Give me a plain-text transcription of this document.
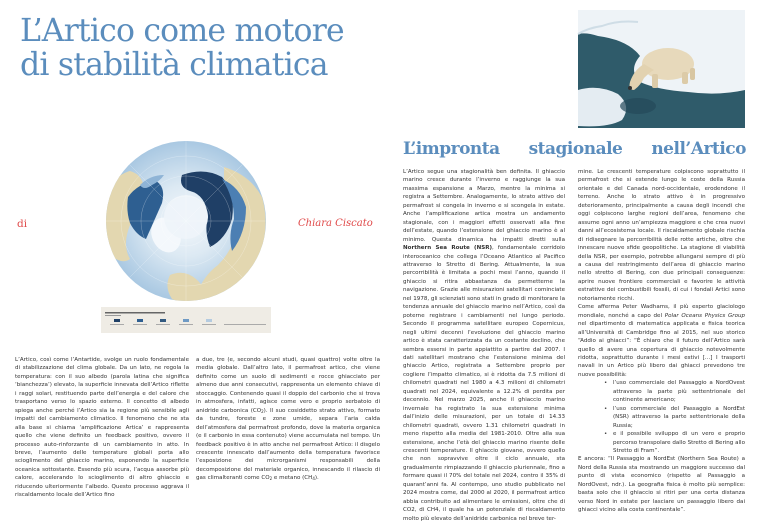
L’Artico come motore
di stabilità climatica
di	Chiara Ciscato
L’impronta stagionale nell’Artico

L’Artico, così come l’Antartide, svolge un ruolo fondamentale di stabilizzazione del clima globale. Da un lato, ne regola la temperatura: con il suo albedo (parola latina che significa ‘bianchezza’) elevato, la superficie innevata dell’Artico riflette i raggi solari, restituendo parte dell’energia e del calore che trasportano verso lo spazio esterno. Il concetto di albedo spiega anche perché l’Artico sia la regione più sensibile agli impatti del cambiamento climatico. Il fenomeno che ne sta alla base si chiama ‘amplificazione Artica’ e rappresenta quello che viene definito un feedback positivo, ovvero il processo auto-rinforzante di un cambiamento in atto. In breve, l’aumento delle temperature globali porta allo scioglimento del ghiaccio marino, esponendo la superficie oceanica sottostante. Essendo più scura, l’acqua assorbe più calore, accelerando lo scioglimento di altro ghiaccio e riducendo ulteriormente l’albedo. Questo processo aggrava il riscaldamento locale dell’Artico fino

a due, tre (e, secondo alcuni studi, quasi quattro) volte oltre la media globale. Dall’altro lato, il permafrost artico, che viene definito come un suolo di sedimenti e rocce ghiacciato per almeno due anni consecutivi, rappresenta un elemento chiave di stoccaggio. Contenendo quasi il doppio del carbonio che si trova in atmosfera, infatti, agisce come vero e proprio serbatoio di anidride carbonica $(CO_2)$. Il suo cosiddetto strato attivo, formato da tundre, foreste e zone umide, separa l’aria calda dell’atmosfera dal permafrost profondo, dove la materia organica (e il carbonio in essa contenuto) viene accumulata nel tempo. Un feedback positivo è in atto anche nel permafrost Artico: il disgelo crescente innescato dall’aumento della temperatura favorisce l’esposizione dei microrganismi responsabili della decomposizione del materiale organico, innescando il rilascio di gas climalteranti come $CO_2$ e metano $(CH_4)$.

L’Artico segue una stagionalità ben definita. Il ghiaccio marino cresce durante l’inverno e raggiunge la sua massima espansione a Marzo, mentre la minima si registra a Settembre. Analogamente, lo strato attivo del permafrost si congela in inverno e si scongela in estate. Anche l’amplificazione artica mostra un andamento stagionale, con i maggiori effetti osservati alla fine dell’estate, quando l’estensione del ghiaccio marino è al minimo. Questa dinamica ha impatti diretti sulla Northern Sea Route (NSR), fondamentale corridoio interoceanico che collega l’Oceano Atlantico al Pacifico attraverso lo Stretto di Bering. Attualmente, la sua percorribilità è limitata a pochi mesi l’anno, quando il ghiaccio si ritira abbastanza da permetterne la navigazione. Grazie alle misurazioni satellitari cominciate nel 1978, gli scienziati sono stati in grado di monitorare la tendenza annuale del ghiaccio marino nell’Artico, così da poterne registrare i cambiamenti nel lungo periodo. Secondo il programma satellitare europeo Copernicus, negli ultimi decenni l’evoluzione del ghiaccio marino artico è stata caratterizzata da un costante declino, che sembra essersi in parte appiattito a partire dal 2007. I dati satellitari mostrano che l’estensione minima del ghiaccio Artico, registrata a Settembre proprio per cogliere l’impatto climatico, si è ridotta da 7.5 milioni di chilometri quadrati nel 1980 a 4.3 milioni di chilometri quadrati nel 2024, equivalente a 12.2% di perdita per decennio. Nel marzo 2025, anche il ghiaccio marino invernale ha registrato la sua estensione minima dall’inizio delle misurazioni, per un totale di 14.33 chilometri quadrati, ovvero 1.31 chilometri quadrati in meno rispetto alla media del 1981-2010. Oltre alla sua estensione, anche l’età del ghiaccio marino risente delle crescenti temperature. Il ghiaccio giovane, ovvero quello che non sopravvive oltre il ciclo annuale, sta gradualmente rimpiazzando il ghiaccio pluriennale, fino a formare quasi il 70% del totale nel 2024, contro il 35% di quarant’anni fa. Al contempo, uno studio pubblicato nel 2024 mostra come, dal 2000 al 2020, il permafrost artico abbia contribuito ad alimentare le emissioni, oltre che di CO2, di CH4, il quale ha un potenziale di riscaldamento molto più elevato dell’anidride carbonica nel breve ter-

mine. Le crescenti temperature colpiscono soprattutto il permafrost che si estende lungo le coste della Russia orientale e del Canada nord-occidentale, erodendone il terreno. Anche lo strato attivo è in progressivo deterioramento, principalmente a causa degli incendi che oggi colpiscono larghe regioni dell’area, fenomeno che assume ogni anno un’ampiezza maggiore e che crea nuovi danni all’ecosistema locale. Il riscaldamento globale rischia di ridisegnare la percorribilità delle rotte artiche, oltre che innescare nuove sfide geopolitiche. La stagione di viabilità della NSR, per esempio, potrebbe allungarsi sempre di più a causa del restringimento dell’area di ghiaccio marino nello stretto di Bering, con due principali conseguenze: aprire nuove frontiere commerciali e favorire le attività estrattive dei combustibili fossili, di cui i fondali Artici sono notoriamente ricchi.

Come afferma Peter Wadhams, il più esperto glaciologo mondiale, nonché a capo del Polar Oceans Physics Group nel dipartimento di matematica applicata e fisica teorica all’Università di Cambridge fino al 2015, nel suo storico “Addio ai ghiacci”: “È chiaro che il futuro dell’Artico sarà quello di avere una copertura di ghiaccio notevolmente ridotta, soprattutto durante i mesi estivi [...] I trasporti navali in un Artico più libero dai ghiacci prevedono tre nuove possibilità:

• l’uso commerciale del Passaggio a NordOvest attraverso la parte più settentrionale del continente americano;
• l’uso commerciale del Passaggio a NordEst (NSR) attraverso la parte settentrionale della Russia;
• e il possibile sviluppo di un vero e proprio percorso transpolare dallo Stretto di Bering allo Stretto di Fram”.

E ancora: “Il Passaggio a NordEst (Northern Sea Route) a Nord della Russia sta mostrando un maggiore successo dal punto di vista economico (rispetto al Passaggio a NordOvest, ndr.). La geografia fisica è molto più semplice: basta solo che il ghiaccio si ritiri per una certa distanza verso Nord in estate per lasciare un passaggio libero dai ghiacci vicino alla costa continentale”.
